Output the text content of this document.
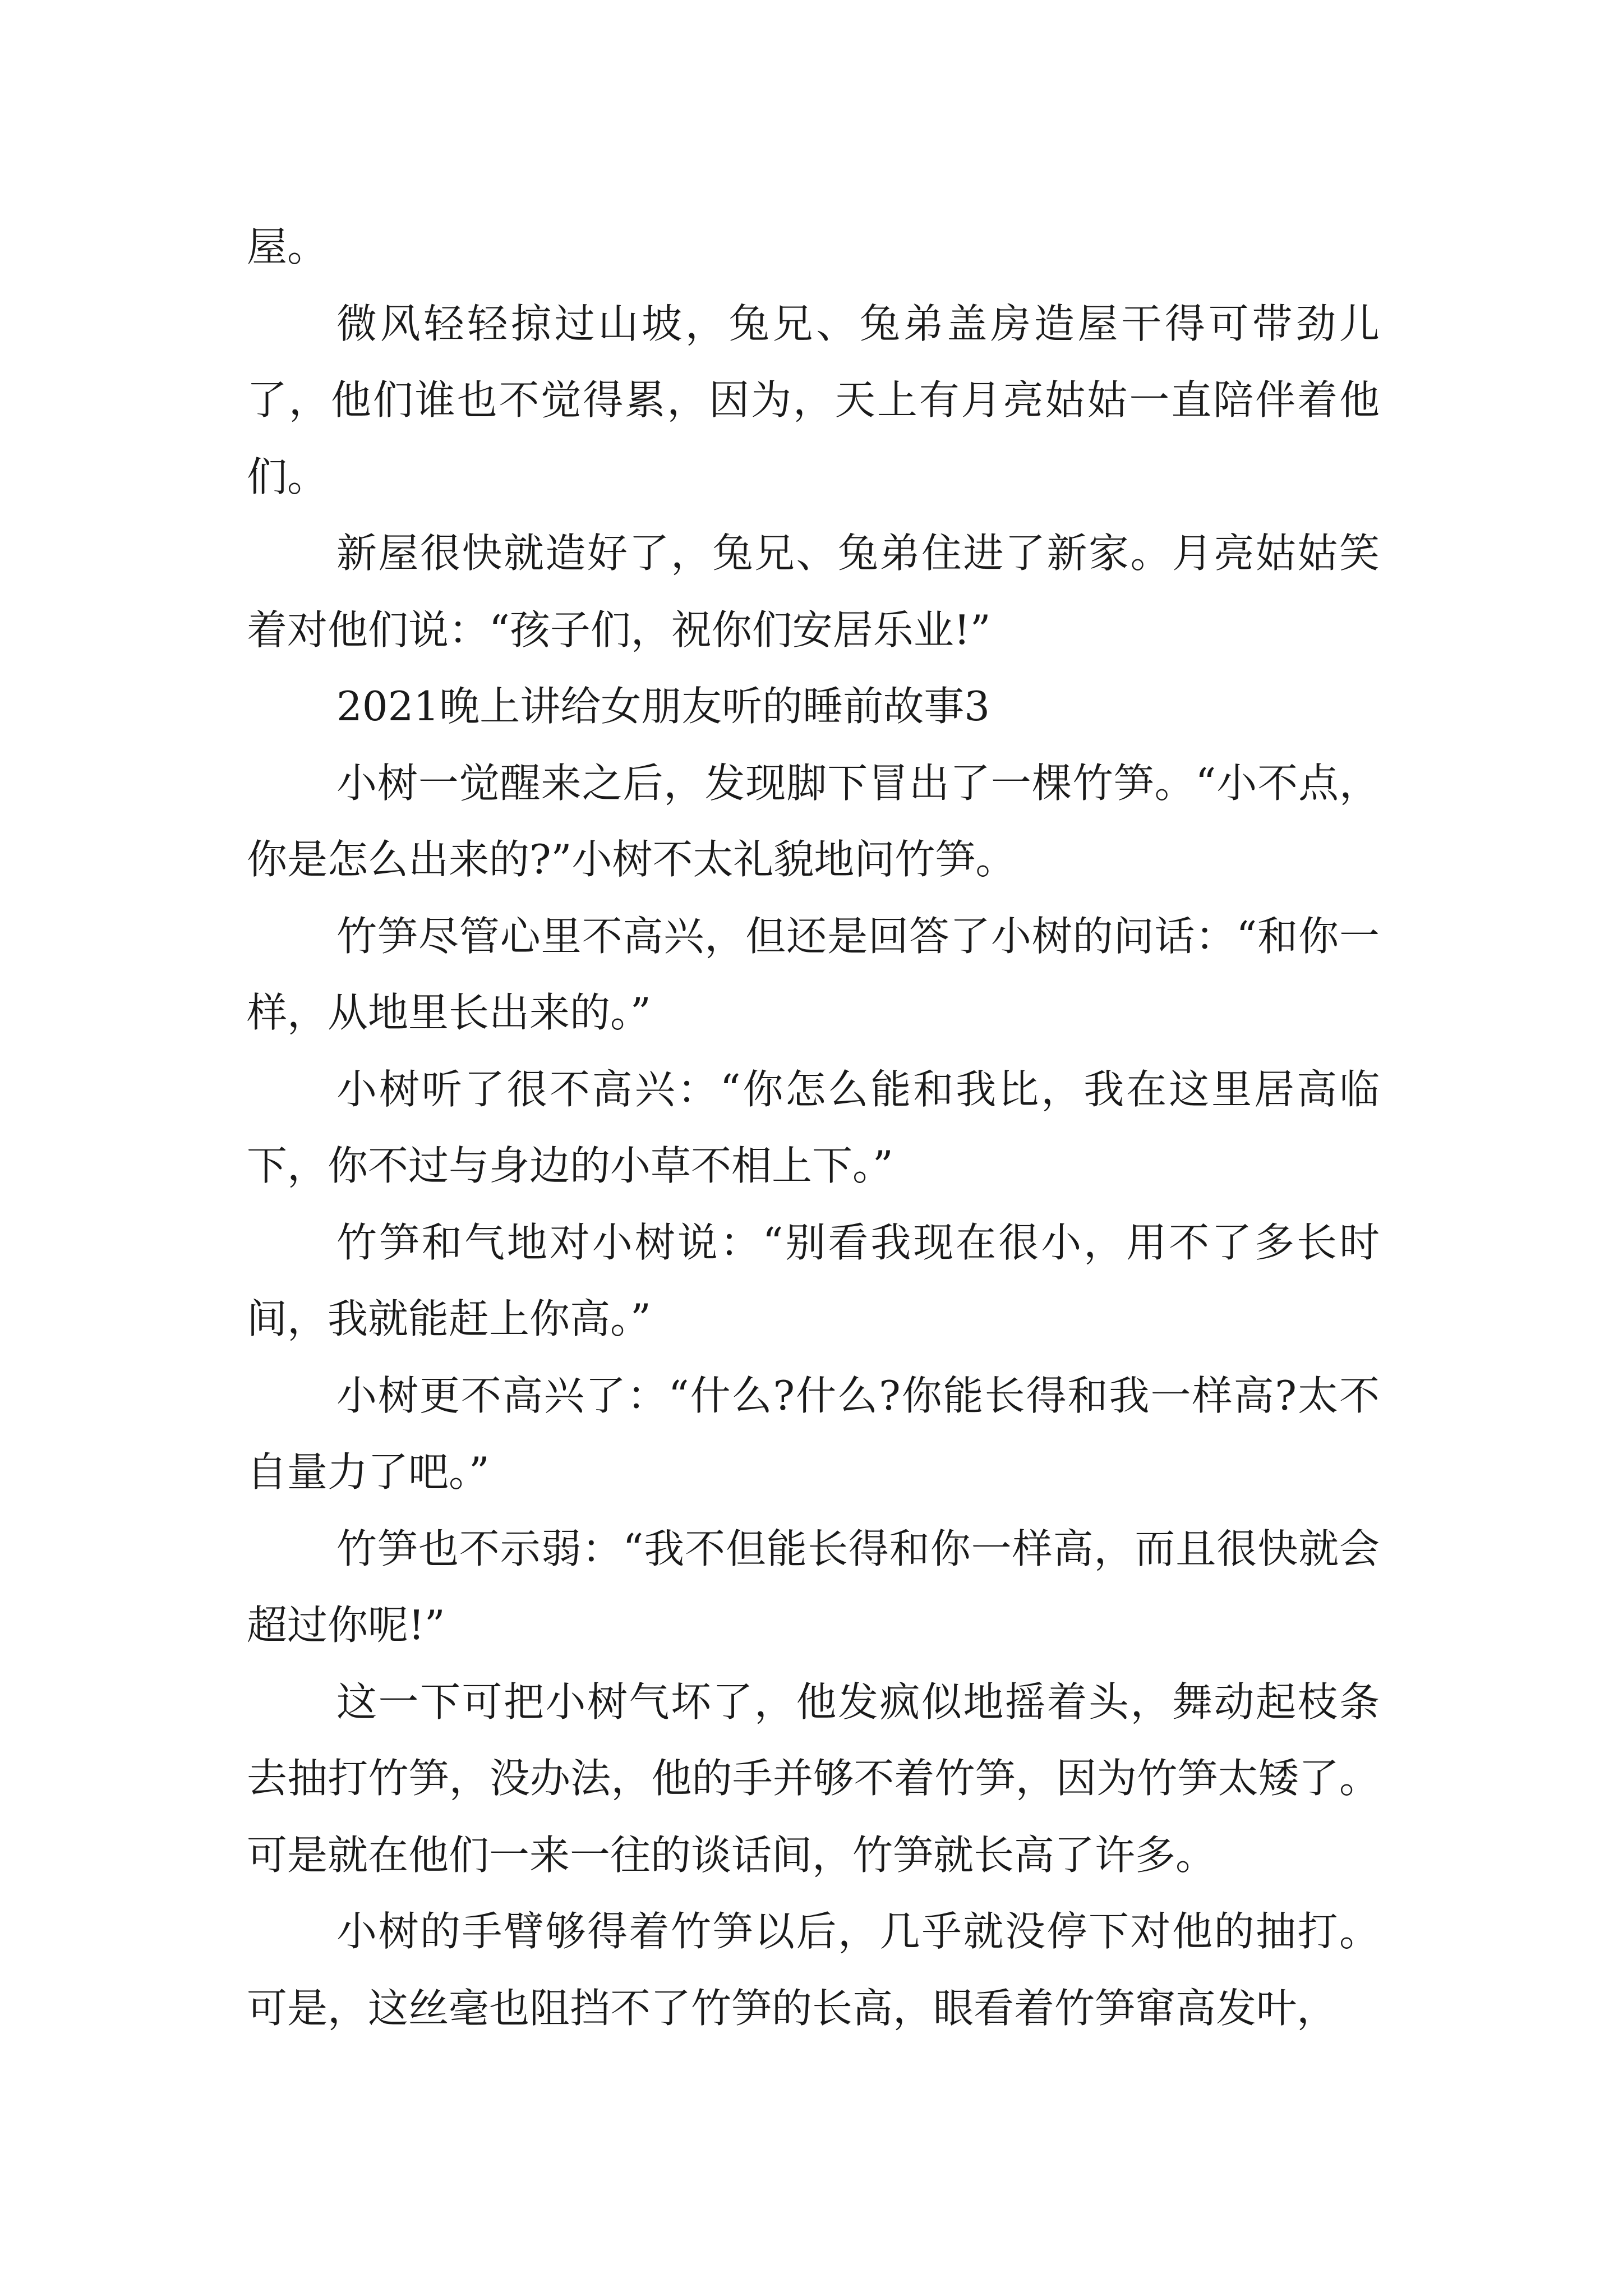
屋。

微风轻轻掠过山坡，兔兄、兔弟盖房造屋干得可带劲儿了，他们谁也不觉得累，因为，天上有月亮姑姑一直陪伴着他们。

新屋很快就造好了，兔兄、兔弟住进了新家。月亮姑姑笑着对他们说：“孩子们，祝你们安居乐业!”

2021晚上讲给女朋友听的睡前故事3

小树一觉醒来之后，发现脚下冒出了一棵竹笋。“小不点，你是怎么出来的?”小树不太礼貌地问竹笋。

竹笋尽管心里不高兴，但还是回答了小树的问话：“和你一样，从地里长出来的。”

小树听了很不高兴：“你怎么能和我比，我在这里居高临下，你不过与身边的小草不相上下。”

竹笋和气地对小树说：“别看我现在很小，用不了多长时间，我就能赶上你高。”

小树更不高兴了：“什么?什么?你能长得和我一样高?太不自量力了吧。”

竹笋也不示弱：“我不但能长得和你一样高，而且很快就会超过你呢!”

这一下可把小树气坏了，他发疯似地摇着头，舞动起枝条去抽打竹笋，没办法，他的手并够不着竹笋，因为竹笋太矮了。可是就在他们一来一往的谈话间，竹笋就长高了许多。

小树的手臂够得着竹笋以后，几乎就没停下对他的抽打。可是，这丝毫也阻挡不了竹笋的长高，眼看着竹笋窜高发叶，
